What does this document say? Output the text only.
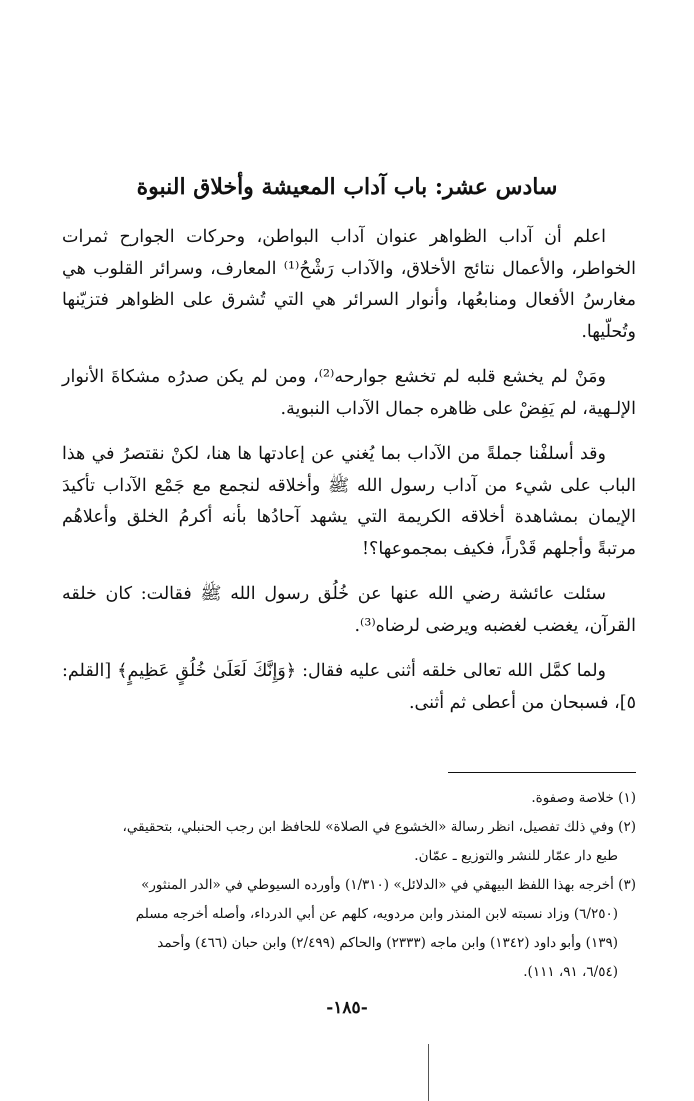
سادس عشر: باب آداب المعيشة وأخلاق النبوة

اعلم أن آداب الظواهر عنوان آداب البواطن، وحركات الجوارح ثمرات الخواطر، والأعمال نتائج الأخلاق، والآداب رَشْحُ⁽¹⁾ المعارف، وسرائر القلوب هي مغارسُ الأفعال ومنابعُها، وأنوار السرائر هي التي تُشرق على الظواهر فتزيّنها وتُحلّيها.

ومَنْ لم يخشع قلبه لم تخشع جوارحه⁽²⁾، ومن لم يكن صدرُه مشكاةَ الأنوار الإلـهية، لم يَفِضْ على ظاهره جمال الآداب النبوية.

وقد أسلفْنا جملةً من الآداب بما يُغني عن إعادتها ها هنا، لكنْ نقتصرُ في هذا الباب على شيء من آداب رسول الله ﷺ وأخلاقه لنجمع مع جَمْع الآداب تأكيدَ الإيمان بمشاهدة أخلاقه الكريمة التي يشهد آحادُها بأنه أكرمُ الخلق وأعلاهُم مرتبةً وأجلهم قَدْراً، فكيف بمجموعها؟!

سئلت عائشة رضي الله عنها عن خُلُق رسول الله ﷺ فقالت: كان خلقه القرآن، يغضب لغضبه ويرضى لرضاه⁽³⁾.

ولما كمَّل الله تعالى خلقه أثنى عليه فقال: ﴿وَإِنَّكَ لَعَلَىٰ خُلُقٍ عَظِيمٍ﴾ [القلم: ٥]، فسبحان من أعطى ثم أثنى.

(١) خلاصة وصفوة.

(٢) وفي ذلك تفصيل، انظر رسالة «الخشوع في الصلاة» للحافظ ابن رجب الحنبلي، بتحقيقي،

طبع دار عمّار للنشر والتوزيع ـ عمّان.

(٣) أخرجه بهذا اللفظ البيهقي في «الدلائل» (١/٣١٠) وأورده السيوطي في «الدر المنثور»

(٦/٢٥٠) وزاد نسبته لابن المنذر وابن مردويه، كلهم عن أبي الدرداء، وأصله أخرجه مسلم

(١٣٩) وأبو داود (١٣٤٢) وابن ماجه (٢٣٣٣) والحاكم (٢/٤٩٩) وابن حبان (٤٦٦) وأحمد

(٦/٥٤، ٩١، ١١١).

-١٨٥-
